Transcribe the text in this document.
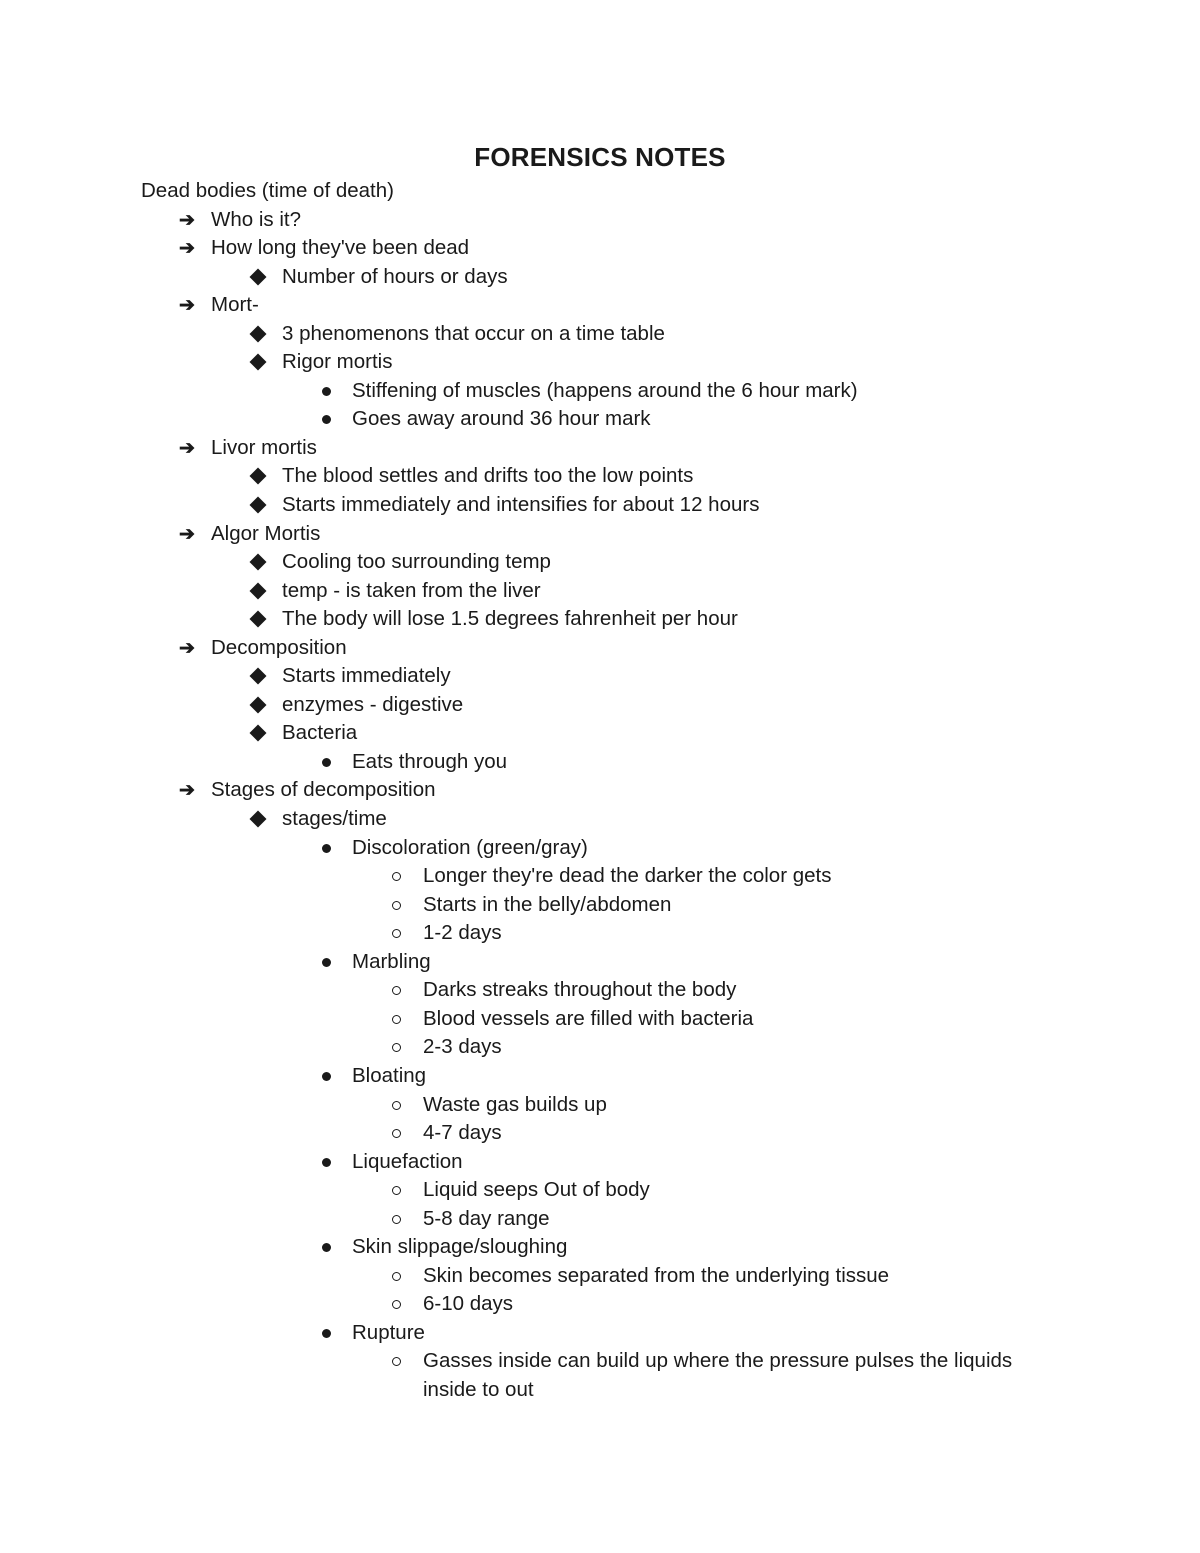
FORENSICS NOTES
Dead bodies (time of death)
➔ Who is it?
➔ How long they've been dead
Number of hours or days
➔ Mort-
3 phenomenons that occur on a time table
Rigor mortis
Stiffening of muscles (happens around the 6 hour mark)
Goes away around 36 hour mark
➔ Livor mortis
The blood settles and drifts too the low points
Starts immediately and intensifies for about 12 hours
➔ Algor Mortis
Cooling too surrounding temp
temp - is taken from the liver
The body will lose 1.5 degrees fahrenheit per hour
➔ Decomposition
Starts immediately
enzymes - digestive
Bacteria
Eats through you
➔ Stages of decomposition
stages/time
Discoloration (green/gray)
Longer they're dead the darker the color gets
Starts in the belly/abdomen
1-2 days
Marbling
Darks streaks throughout the body
Blood vessels are filled with bacteria
2-3 days
Bloating
Waste gas builds up
4-7 days
Liquefaction
Liquid seeps Out of body
5-8 day range
Skin slippage/sloughing
Skin becomes separated from the underlying tissue
6-10 days
Rupture
Gasses inside can build up where the pressure pulses the liquids inside to out
